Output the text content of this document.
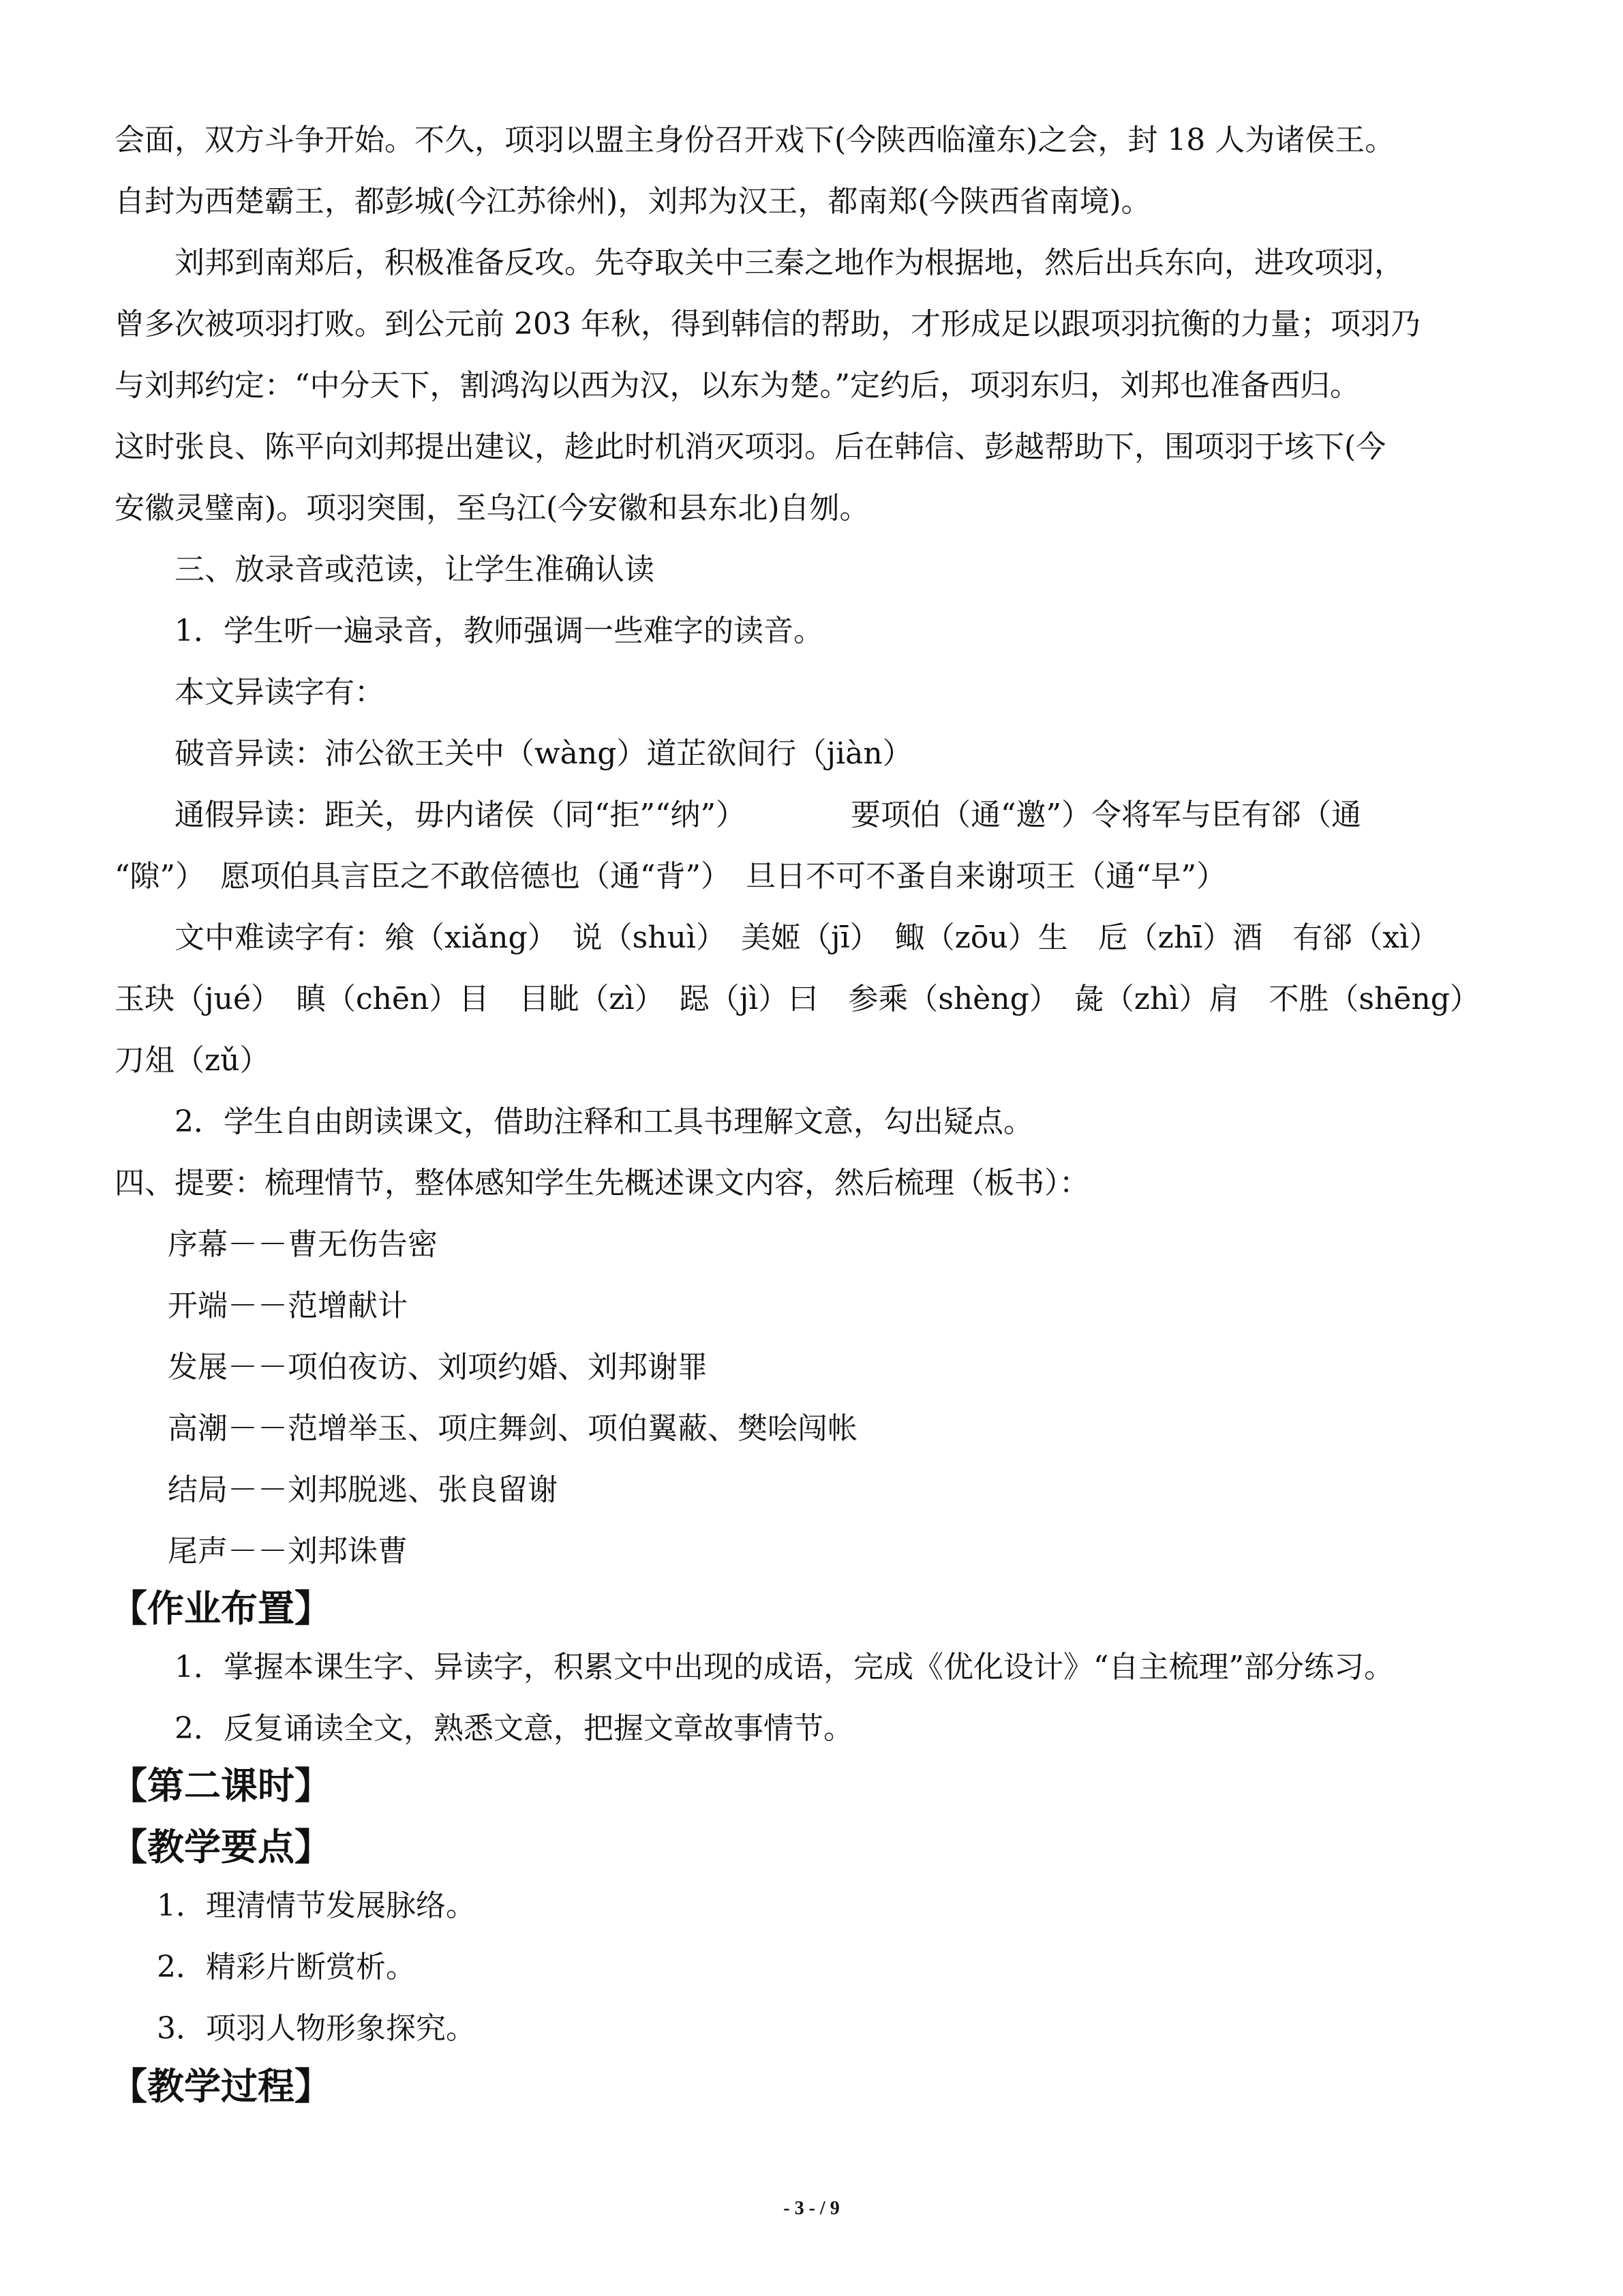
会面，双方斗争开始。不久，项羽以盟主身份召开戏下(今陕西临潼东)之会，封 18 人为诸侯王。
自封为西楚霸王，都彭城(今江苏徐州)，刘邦为汉王，都南郑(今陕西省南境)。
刘邦到南郑后，积极准备反攻。先夺取关中三秦之地作为根据地，然后出兵东向，进攻项羽，
曾多次被项羽打败。到公元前 203 年秋，得到韩信的帮助，才形成足以跟项羽抗衡的力量；项羽乃
与刘邦约定：“中分天下，割鸿沟以西为汉，以东为楚。”定约后，项羽东归，刘邦也准备西归。
这时张良、陈平向刘邦提出建议，趁此时机消灭项羽。后在韩信、彭越帮助下，围项羽于垓下(今
安徽灵璧南)。项羽突围，至乌江(今安徽和县东北)自刎。
三、放录音或范读，让学生准确认读
1．学生听一遍录音，教师强调一些难字的读音。
本文异读字有：
破音异读：沛公欲王关中（wàng）道芷欲间行（jiàn）
通假异读：距关，毋内诸侯（同“拒”“纳”）　　　　要项伯（通“邀”）令将军与臣有郤（通
“隙”）　愿项伯具言臣之不敢倍德也（通“背”）　旦日不可不蚤自来谢项王（通“早”）
文中难读字有：飨（xiǎng）　说（shuì）　美姬（jī）　鲰（zōu）生　卮（zhī）酒　有郤（xì）
玉玦（jué）　瞋（chēn）目　目眦（zì）　跽（jì）曰　参乘（shèng）　彘（zhì）肩　不胜（shēng）
刀俎（zǔ）
2．学生自由朗读课文，借助注释和工具书理解文意，勾出疑点。
四、提要：梳理情节，整体感知学生先概述课文内容，然后梳理（板书）：
序幕－－曹无伤告密
开端－－范增献计
发展－－项伯夜访、刘项约婚、刘邦谢罪
高潮－－范增举玉、项庄舞剑、项伯翼蔽、樊哙闯帐
结局－－刘邦脱逃、张良留谢
尾声－－刘邦诛曹
【作业布置】
1．掌握本课生字、异读字，积累文中出现的成语，完成《优化设计》“自主梳理”部分练习。
2．反复诵读全文，熟悉文意，把握文章故事情节。
【第二课时】
【教学要点】
1．理清情节发展脉络。
2．精彩片断赏析。
3．项羽人物形象探究。
【教学过程】
- 3 - / 9
